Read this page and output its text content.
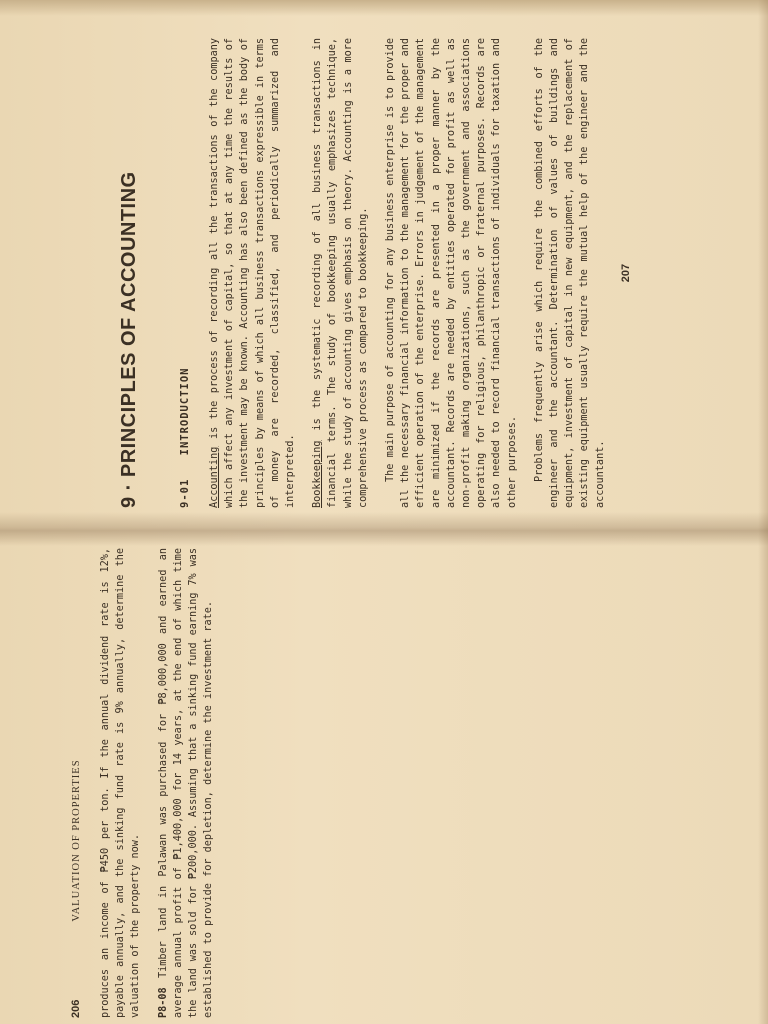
9 · PRINCIPLES OF ACCOUNTING	9-01 INTRODUCTION

Accounting is the process of recording all the transactions of the company which affect any investment of capital, so that at any time the results of the investment may be known. Accounting has also been defined as the body of principles by means of which all business transactions expressible in terms of money are recorded, classified, and periodically summarized and interpreted. Bookkeeping is the systematic recording of all business transactions in financial terms. The study of bookkeeping usually emphasizes technique, while the study of accounting gives emphasis on theory. Accounting is a more comprehensive process as compared to bookkeeping. The main purpose of accounting for any business enterprise is to provide all the necessary financial information to the management for the proper and efficient operation of the enterprise. Errors in judgement of the management are minimized if the records are presented in a proper manner by the accountant. Records are needed by entities operated for profit as well as non-profit making organizations, such as the government and associations operating for religious, philanthropic or fraternal purposes. Records are also needed to record financial transactions of individuals for taxation and other purposes. Problems frequently arise which require the combined efforts of the engineer and the accountant. Determination of values of buildings and equipment, investment of capital in new equipment, and the replacement of existing equipment usually require the mutual help of the engineer and the accountant.

207
206
VALUATION OF PROPERTIES produces an income of ₱450 per ton. If the annual dividend rate is 12%, payable annually, and the sinking fund rate is 9% annually, determine the valuation of the property now. P8-08 Timber land in Palawan was purchased for ₱8,000,000 and earned an average annual profit of ₱1,400,000 for 14 years, at the end of which time the land was sold for ₱200,000. Assuming that a sinking fund earning 7% was established to provide for depletion, determine the investment rate.
